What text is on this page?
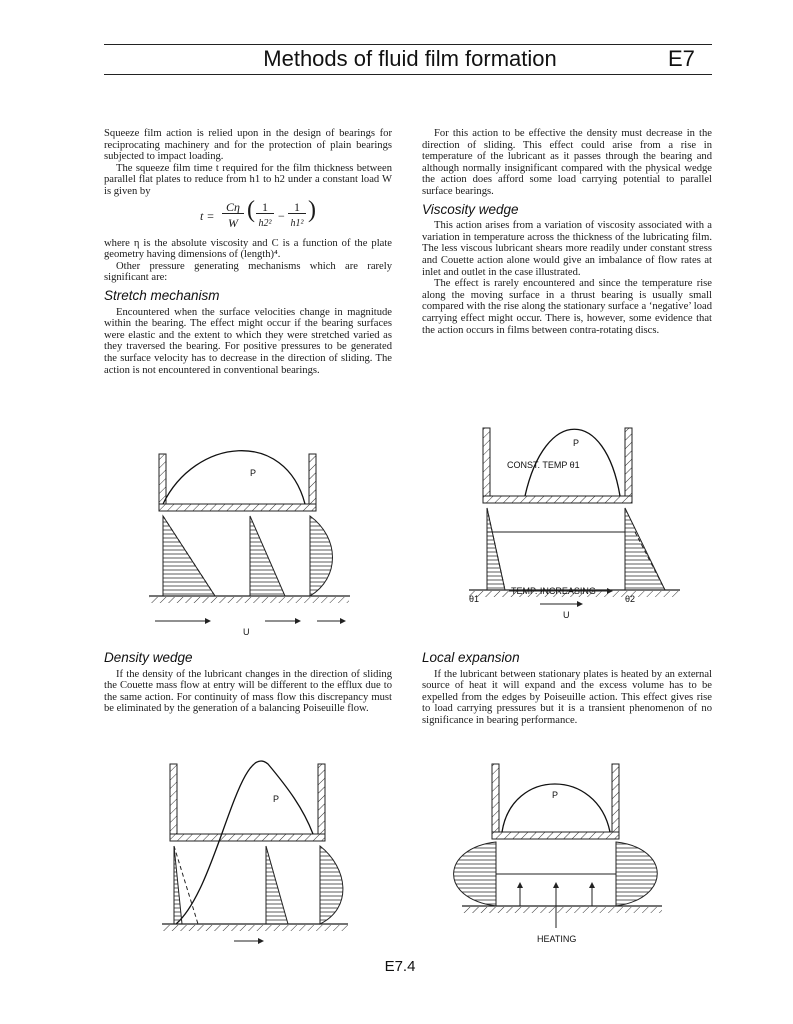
Methods of fluid film formation	E7

Squeeze film action is relied upon in the design of bearings for reciprocating machinery and for the protection of plain bearings subjected to impact loading.

The squeeze film time t required for the film thickness between parallel flat plates to reduce from h1 to h2 under a constant load W is given by

t =
Cη
W ( 1
h2²
−
1
h1²
)

where η is the absolute viscosity and C is a function of the plate geometry having dimensions of (length)⁴.

Other pressure generating mechanisms which are rarely significant are:

Stretch mechanism

Encountered when the surface velocities change in magnitude within the bearing. The effect might occur if the bearing surfaces were elastic and the extent to which they were stretched varied as they traversed the bearing. For positive pressures to be generated the surface velocity has to decrease in the direction of sliding. The action is not encountered in conventional bearings.

For this action to be effective the density must decrease in the direction of sliding. This effect could arise from a rise in temperature of the lubricant as it passes through the bearing and although normally insignificant compared with the physical wedge the action does afford some load carrying potential to parallel surface bearings.

Viscosity wedge

This action arises from a variation of viscosity associated with a variation in temperature across the thickness of the lubricating film. The less viscous lubricant shears more readily under constant stress and Couette action alone would give an imbalance of flow rates at inlet and outlet in the case illustrated.

The effect is rarely encountered and since the temperature rise along the moving surface in a thrust bearing is usually small compared with the rise along the stationary surface a ‘negative’ load carrying effect might occur. There is, however, some evidence that the action occurs in films between contra-rotating discs.

P
U
P
CONST. TEMP θ1
θ1
TEMP. INCREASING
θ2
U
Density wedge

If the density of the lubricant changes in the direction of sliding the Couette mass flow at entry will be different to the efflux due to the same action. For continuity of mass flow this discrepancy must be eliminated by the generation of a balancing Poiseuille flow.

Local expansion

If the lubricant between stationary plates is heated by an external source of heat it will expand and the excess volume has to be expelled from the edges by Poiseuille action. This effect gives rise to load carrying pressures but it is a transient phenomenon of no significance in bearing performance.

P	P
HEATING
E7.4
